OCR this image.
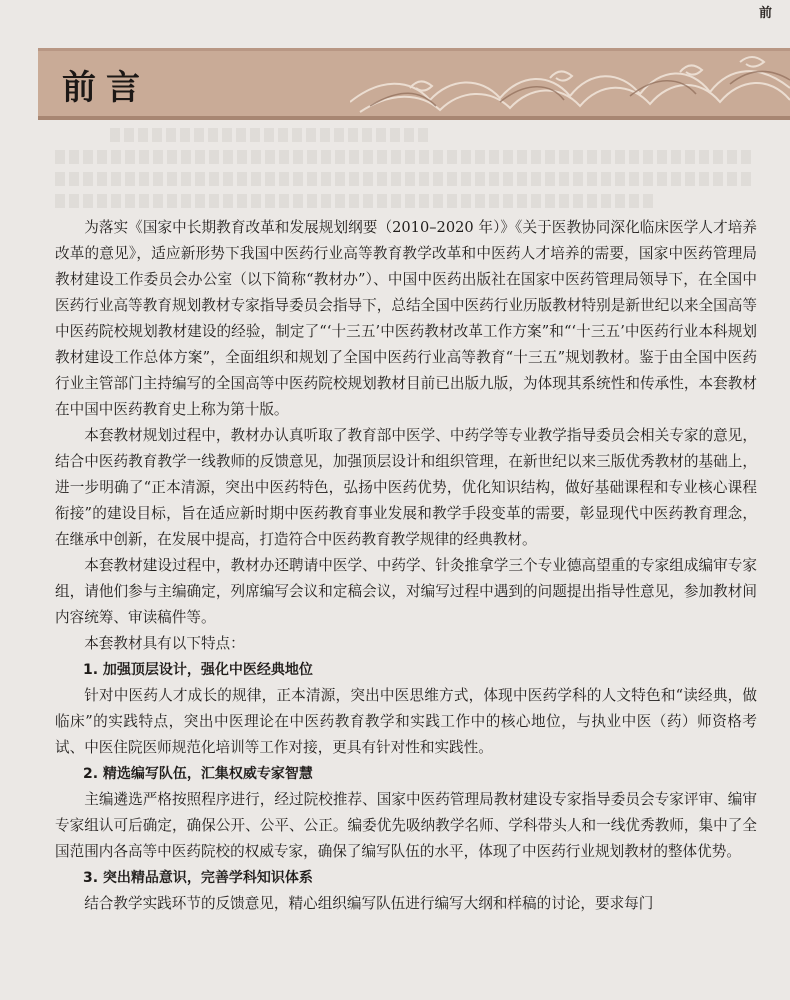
前
前言

为落实《国家中长期教育改革和发展规划纲要（2010–2020 年）》《关于医教协同深化临床医学人才培养改革的意见》，适应新形势下我国中医药行业高等教育教学改革和中医药人才培养的需要，国家中医药管理局教材建设工作委员会办公室（以下简称“教材办”）、中国中医药出版社在国家中医药管理局领导下，在全国中医药行业高等教育规划教材专家指导委员会指导下，总结全国中医药行业历版教材特别是新世纪以来全国高等中医药院校规划教材建设的经验，制定了“‘十三五’中医药教材改革工作方案”和“‘十三五’中医药行业本科规划教材建设工作总体方案”，全面组织和规划了全国中医药行业高等教育“十三五”规划教材。鉴于由全国中医药行业主管部门主持编写的全国高等中医药院校规划教材目前已出版九版，为体现其系统性和传承性，本套教材在中国中医药教育史上称为第十版。

本套教材规划过程中，教材办认真听取了教育部中医学、中药学等专业教学指导委员会相关专家的意见，结合中医药教育教学一线教师的反馈意见，加强顶层设计和组织管理，在新世纪以来三版优秀教材的基础上，进一步明确了“正本清源，突出中医药特色，弘扬中医药优势，优化知识结构，做好基础课程和专业核心课程衔接”的建设目标，旨在适应新时期中医药教育事业发展和教学手段变革的需要，彰显现代中医药教育理念，在继承中创新，在发展中提高，打造符合中医药教育教学规律的经典教材。

本套教材建设过程中，教材办还聘请中医学、中药学、针灸推拿学三个专业德高望重的专家组成编审专家组，请他们参与主编确定，列席编写会议和定稿会议，对编写过程中遇到的问题提出指导性意见，参加教材间内容统筹、审读稿件等。

本套教材具有以下特点：

1. 加强顶层设计，强化中医经典地位

针对中医药人才成长的规律，正本清源，突出中医思维方式，体现中医药学科的人文特色和“读经典，做临床”的实践特点，突出中医理论在中医药教育教学和实践工作中的核心地位，与执业中医（药）师资格考试、中医住院医师规范化培训等工作对接，更具有针对性和实践性。

2. 精选编写队伍，汇集权威专家智慧

主编遴选严格按照程序进行，经过院校推荐、国家中医药管理局教材建设专家指导委员会专家评审、编审专家组认可后确定，确保公开、公平、公正。编委优先吸纳教学名师、学科带头人和一线优秀教师，集中了全国范围内各高等中医药院校的权威专家，确保了编写队伍的水平，体现了中医药行业规划教材的整体优势。

3. 突出精品意识，完善学科知识体系

结合教学实践环节的反馈意见，精心组织编写队伍进行编写大纲和样稿的讨论，要求每门
